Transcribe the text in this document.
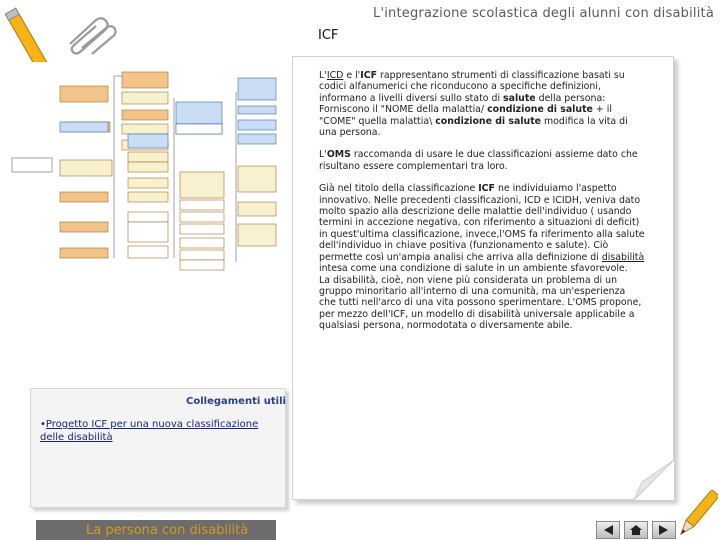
L'integrazione scolastica degli alunni con disabilità
ICF
Collegamenti utili
•Progetto ICF per una nuova classificazione delle disabilità
La persona con disabilità

L'ICD e l'ICF rappresentano strumenti di classificazione basati su codici alfanumerici che riconducono a specifiche definizioni, informano a livelli diversi sullo stato di salute della persona: Forniscono il "NOME della malattia/ condizione di salute + il "COME" quella malattia\ condizione di salute modifica la vita di una persona.

L'OMS raccomanda di usare le due classificazioni assieme dato che risultano essere complementari tra loro.

Già nel titolo della classificazione ICF ne individuiamo l'aspetto innovativo. Nelle precedenti classificazioni, ICD e ICIDH, veniva dato molto spazio alla descrizione delle malattie dell'individuo ( usando termini in accezione negativa, con riferimento a situazioni di deficit) in quest'ultima classificazione, invece,l'OMS fa riferimento alla salute dell'individuo in chiave positiva (funzionamento e salute). Ciò permette così un'ampia analisi che arriva alla definizione di disabilità intesa come una condizione di salute in un ambiente sfavorevole.
La disabilità, cioè, non viene più considerata un problema di un gruppo minoritario all'interno di una comunità, ma un'esperienza che tutti nell'arco di una vita possono sperimentare. L'OMS propone, per mezzo dell'ICF, un modello di disabilità universale applicabile a qualsiasi persona, normodotata o diversamente abile.
